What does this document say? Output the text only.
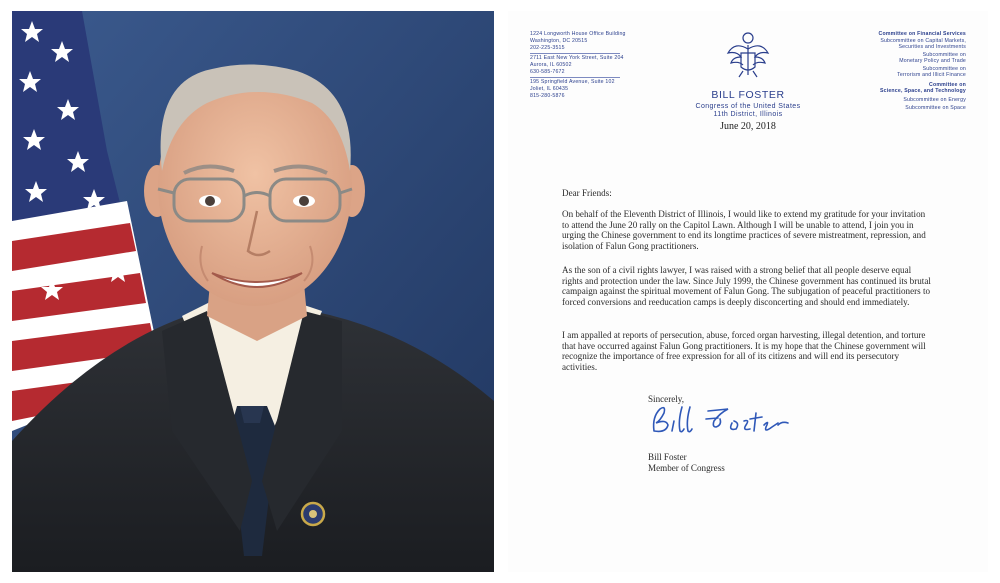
1224 Longworth House Office Building
Washington, DC 20515
202-225-3515
2711 East New York Street, Suite 204
Aurora, IL 60502
630-585-7672
195 Springfield Avenue, Suite 102
Joliet, IL 60435
815-280-5876
Committee on Financial Services
Subcommittee on Capital Markets,
Securities and Investments
Subcommittee on
Monetary Policy and Trade
Subcommittee on
Terrorism and Illicit Finance
Committee on
Science, Space, and Technology
Subcommittee on Energy
Subcommittee on Space
BILL FOSTER
Congress of the United States
11th District, Illinois
June 20, 2018
Dear Friends:

On behalf of the Eleventh District of Illinois, I would like to extend my gratitude for your invitation to attend the June 20 rally on the Capitol Lawn. Although I will be unable to attend, I join you in urging the Chinese government to end its longtime practices of severe mistreatment, repression, and isolation of Falun Gong practitioners.

As the son of a civil rights lawyer, I was raised with a strong belief that all people deserve equal rights and protection under the law. Since July 1999, the Chinese government has continued its brutal campaign against the spiritual movement of Falun Gong. The subjugation of peaceful practitioners to forced conversions and reeducation camps is deeply disconcerting and should end immediately.

I am appalled at reports of persecution, abuse, forced organ harvesting, illegal detention, and torture that have occurred against Falun Gong practitioners. It is my hope that the Chinese government will recognize the importance of free expression for all of its citizens and will end its persecutory activities.

Sincerely,
Bill Foster
Member of Congress
